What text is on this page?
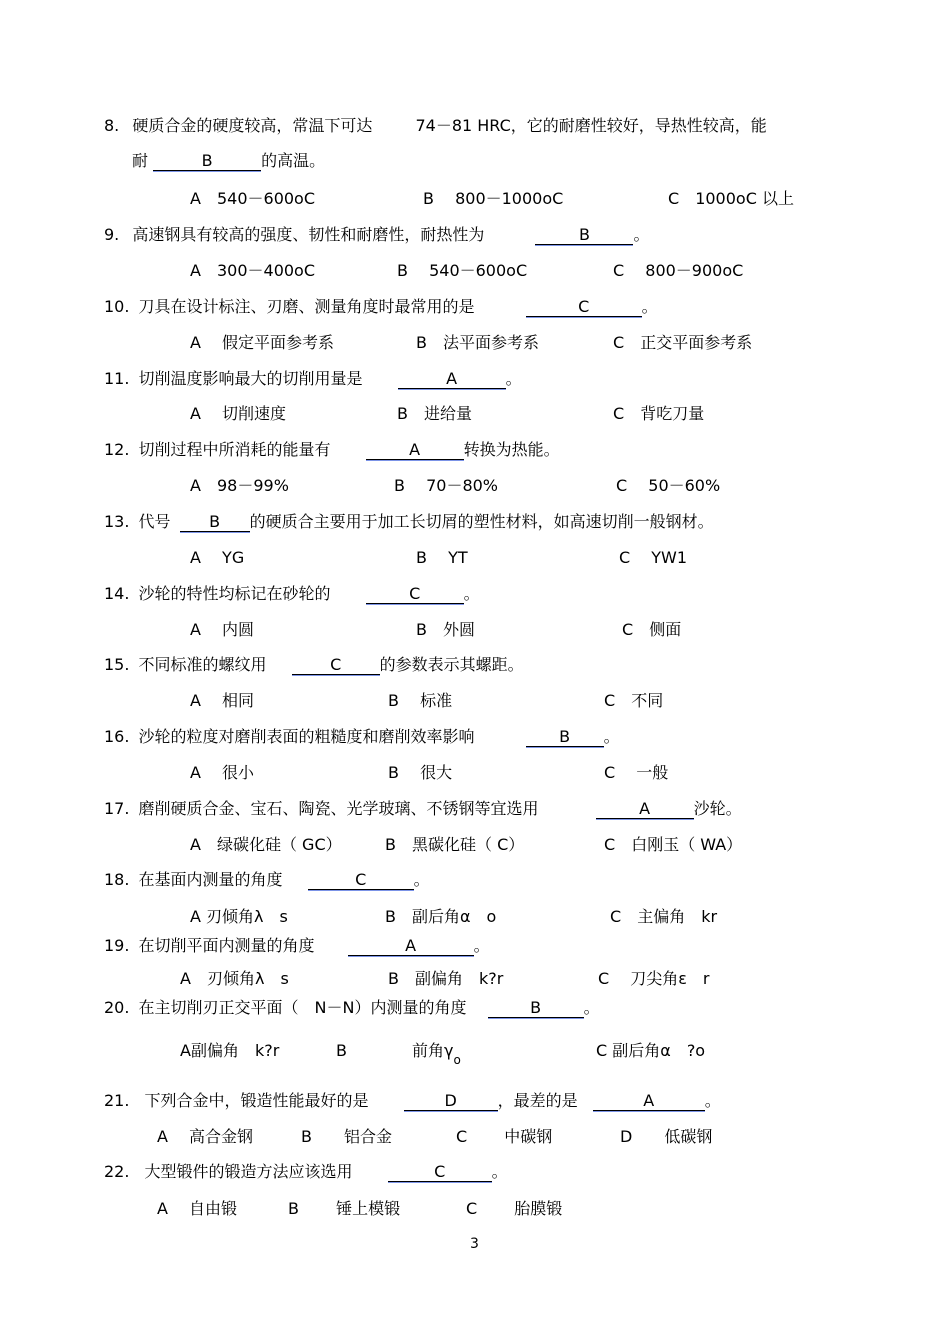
8. 硬质合金的硬度较高，常温下可达	74－81 HRC，它的耐磨性较好，导热性较高，能
耐	B	的高温。
A　 540－600oC	B　 800－1000oC	C　 1000oC 以上
9. 高速钢具有较高的强度、韧性和耐磨性，耐热性为	B	。
A　 300－400oC	B　 540－600oC	C　 800－900oC
10. 刀具在设计标注、刃磨、测量角度时最常用的是	C	。
A　 假定平面参考系	B　 法平面参考系	C　 正交平面参考系
11. 切削温度影响最大的切削用量是	A	。
A　 切削速度	B　 进给量	C　 背吃刀量
12. 切削过程中所消耗的能量有	A	转换为热能。
A　 98－99%	B　 70－80%	C　 50－60%
13. 代号 B 的硬质合主要用于加工长切屑的塑性材料，如高速切削一般钢材。
A　 YG	B　 YT	C　 YW1
14. 沙轮的特性均标记在砂轮的	C	。
A　 内圆	B　 外圆	C　 侧面
15. 不同标准的螺纹用	C 的参数表示其螺距。
A　 相同	B　 标准	C　 不同
16. 沙轮的粒度对磨削表面的粗糙度和磨削效率影响	B 。
A　 很小	B　 很大	C　 一般
17. 磨削硬质合金、宝石、陶瓷、光学玻璃、不锈钢等宜选用	A	沙轮。
A　 绿碳化硅（ GC）	B　 黑碳化硅（ C）	C　 白刚玉（ WA）
18. 在基面内测量的角度	C	。
A 刃倾角λ　s	B　 副后角α　o	C　 主偏角　kr
19. 在切削平面内测量的角度	A	。
A　 刃倾角λ　s	B　 副偏角　k?r	C　 刀尖角ε　r
20. 在主切削刃正交平面（　N－N）内测量的角度	B	。
A副偏角　k?r	B	前角$\gamma_o$	C 副后角α　?o
21. 下列合金中，锻造性能最好的是	D	，最差的是	A	。
A　 高合金钢	B　　 铝合金	C　　 中碳钢	D　　 低碳钢
22. 大型锻件的锻造方法应该选用	C	。
A　 自由锻	B　　 锤上模锻	C　　 胎膜锻
3
